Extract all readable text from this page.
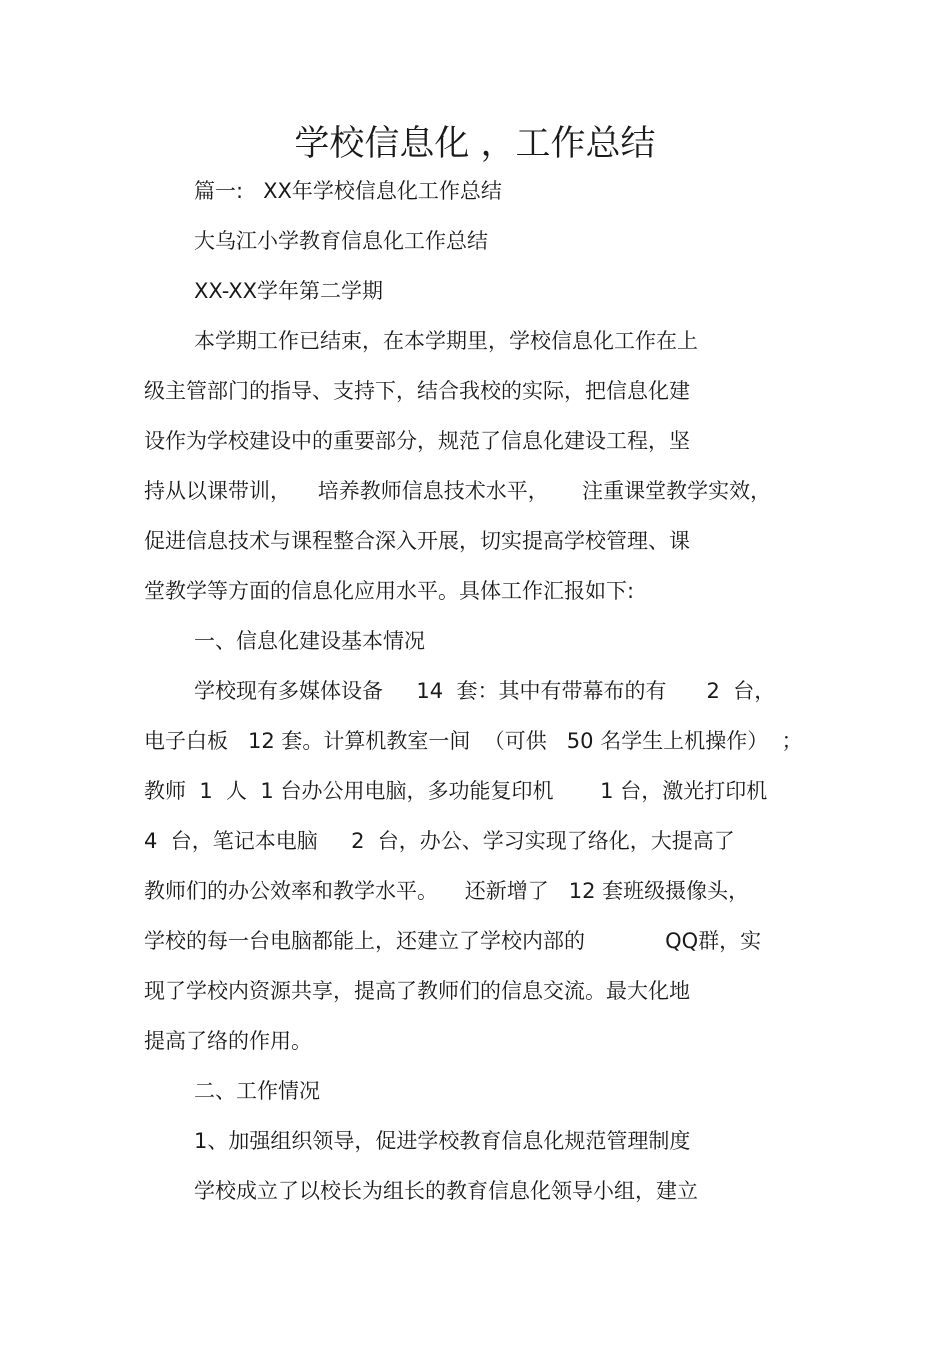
学校信息化 ，工作总结
篇一:   XX年学校信息化工作总结
大乌江小学教育信息化工作总结
XX-XX学年第二学期
本学期工作已结束，在本学期里，学校信息化工作在上
级主管部门的指导、支持下，结合我校的实际，把信息化建
设作为学校建设中的重要部分，规范了信息化建设工程，坚
持从以课带训，    培养教师信息技术水平，     注重课堂教学实效，
促进信息技术与课程整合深入开展，切实提高学校管理、课
堂教学等方面的信息化应用水平。具体工作汇报如下:
一、信息化建设基本情况
学校现有多媒体设备     14  套：其中有带幕布的有      2  台，
电子白板   12 套。计算机教室一间  （可供   50 名学生上机操作）  ；
教师  1  人  1 台办公用电脑，多功能复印机       1 台，激光打印机
4  台，笔记本电脑     2  台，办公、学习实现了络化，大提高了
教师们的办公效率和教学水平。    还新增了   12 套班级摄像头，
学校的每一台电脑都能上，还建立了学校内部的            QQ群，实
现了学校内资源共享，提高了教师们的信息交流。最大化地
提高了络的作用。
二、工作情况
1、加强组织领导，促进学校教育信息化规范管理制度
学校成立了以校长为组长的教育信息化领导小组，建立
